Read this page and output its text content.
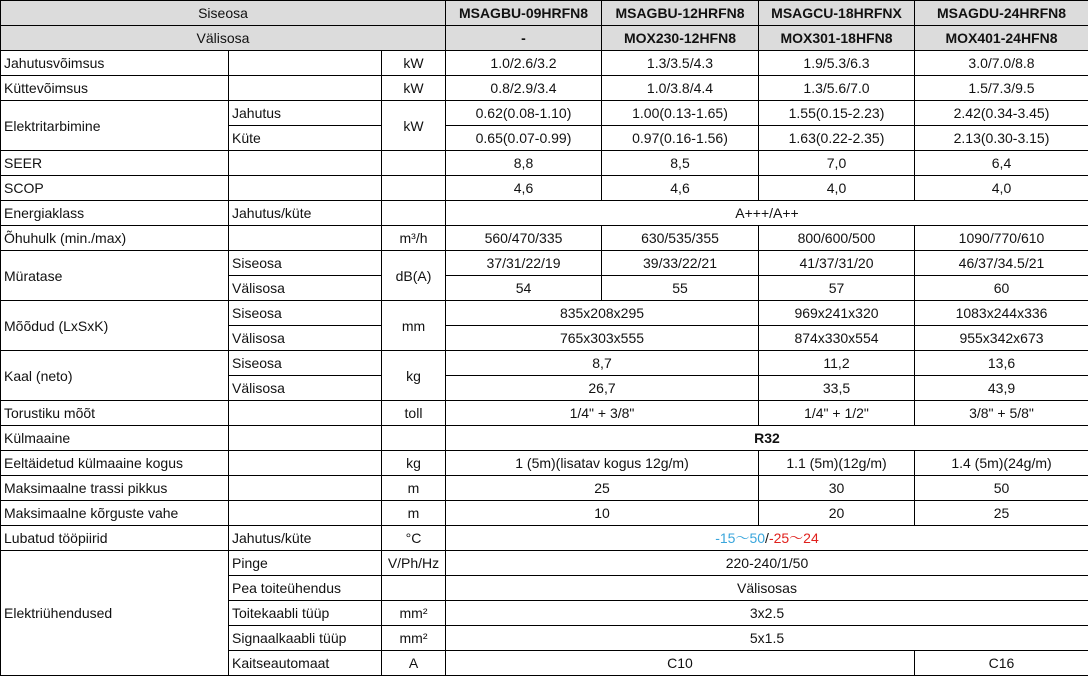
Siseosa			MSAGBU-09HRFN8	MSAGBU-12HRFN8	MSAGCU-18HRFNX	MSAGDU-24HRFN8
Välisosa			-	MOX230-12HFN8	MOX301-18HFN8	MOX401-24HFN8
Jahutusvõimsus		kW	1.0/2.6/3.2	1.3/3.5/4.3	1.9/5.3/6.3	3.0/7.0/8.8
Küttevõimsus		kW	0.8/2.9/3.4	1.0/3.8/4.4	1.3/5.6/7.0	1.5/7.3/9.5
Elektritarbimine	Jahutus	kW	0.62(0.08-1.10)	1.00(0.13-1.65)	1.55(0.15-2.23)	2.42(0.34-3.45)
	Küte		0.65(0.07-0.99)	0.97(0.16-1.56)	1.63(0.22-2.35)	2.13(0.30-3.15)
SEER			8,8	8,5	7,0	6,4
SCOP			4,6	4,6	4,0	4,0
Energiaklass	Jahutus/küte		A+++/A++			
Õhuhulk (min./max)		m³/h	560/470/335	630/535/355	800/600/500	1090/770/610
Müratase	Siseosa	dB(A)	37/31/22/19	39/33/22/21	41/37/31/20	46/37/34.5/21
	Välisosa		54	55	57	60
Mõõdud (LxSxK)	Siseosa	mm	835x208x295		969x241x320	1083x244x336
	Välisosa		765x303x555		874x330x554	955x342x673
Kaal (neto)	Siseosa	kg	8,7		11,2	13,6
	Välisosa		26,7		33,5	43,9
Torustiku mõõt		toll	1/4" + 3/8"		1/4" + 1/2"	3/8" + 5/8"
Külmaaine			R32			
Eeltäidetud külmaaine kogus		kg	1 (5m)(lisatav kogus 12g/m)		1.1 (5m)(12g/m)	1.4 (5m)(24g/m)
Maksimaalne trassi pikkus		m	25		30	50
Maksimaalne kõrguste vahe		m	10		20	25
Lubatud tööpiirid	Jahutus/küte	°C	-15～50/-25～24			
Elektriühendused	Pinge	V/Ph/Hz	220-240/1/50			
	Pea toiteühendus		Välisosas			
	Toitekaabli tüüp	mm²	3x2.5			
	Signaalkaabli tüüp	mm²	5x1.5			
	Kaitseautomaat	A	C10			C16
